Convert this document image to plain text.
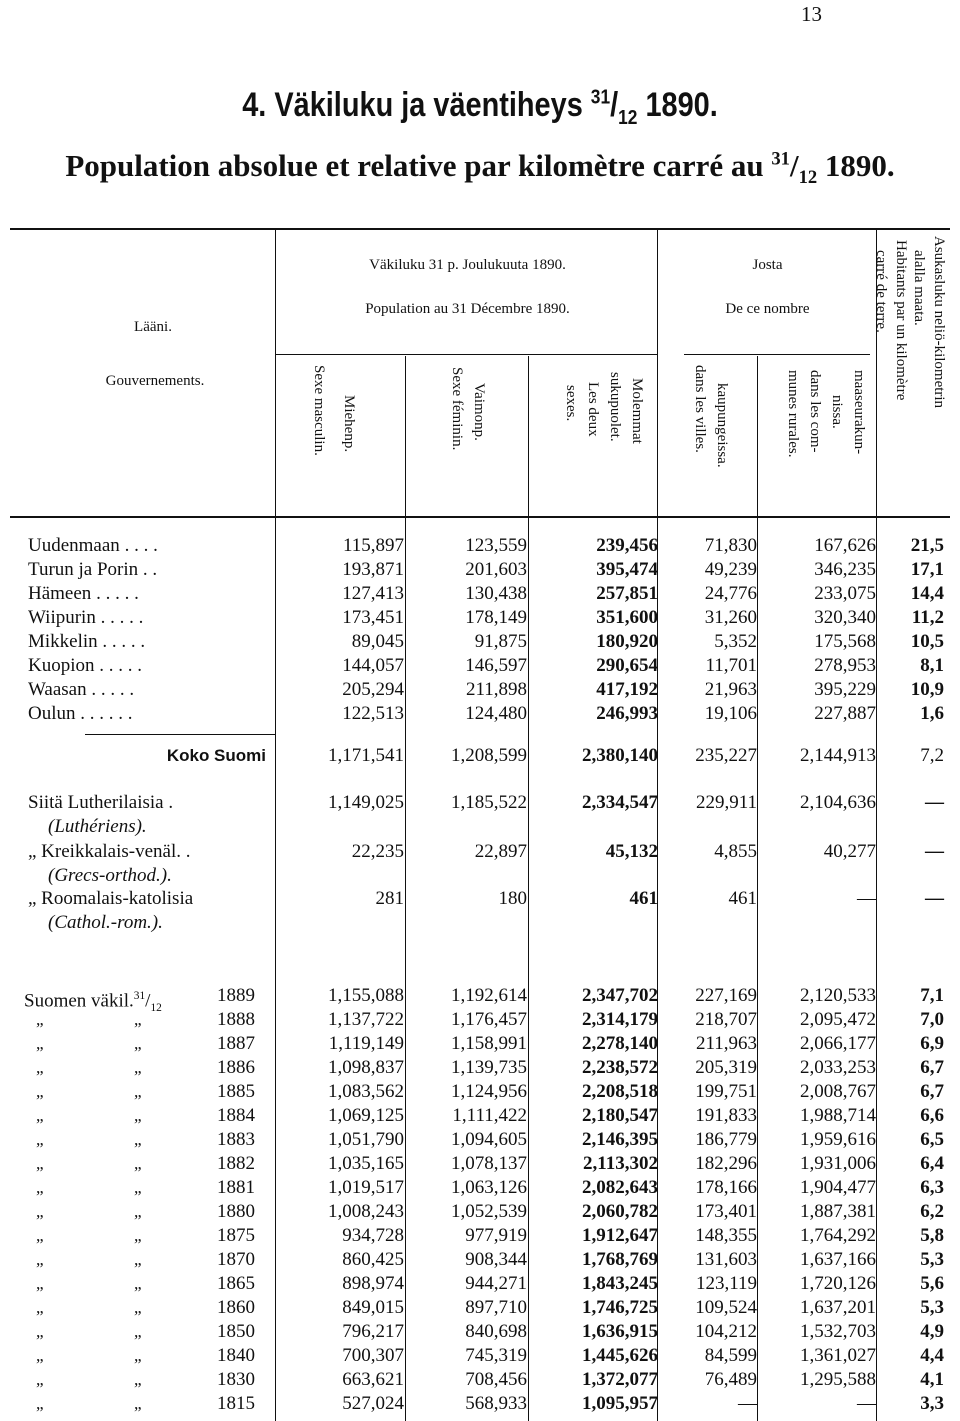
13
4. Väkiluku ja väentiheys $^{31}/_{12}$ 1890.
Population absolue et relative par kilomètre carré au $^{31}/_{12}$ 1890.
Lääni.
Gouvernements.
Väkiluku 31 p. Joulukuuta 1890.
Population au 31 Décembre 1890.
Josta
De ce nombre
Miehenp.
Sexe masculin.	Vaimonp.
Sexe féminin.	Molemmat
sukupuolet.
Les deux
sexes.	kaupungeissa.
dans les villes.	maaseurakun-
nissa.
dans les com-
munes rurales.
Asukasluku neliö-kilometrin
alalla maata.
Habitants par un kilomètre
carré de terre.
Uudenmaan . . . .	115,897	123,559	239,456 71,830	167,626 21,5
Turun ja Porin . .	193,871	201,603	395,474 49,239	346,235 17,1
Hämeen . . . . .	127,413	130,438	257,851 24,776	233,075 14,4
Wiipurin . . . . .	173,451	178,149	351,600 31,260	320,340 11,2
Mikkelin . . . . .	89,045	91,875	180,920	5,352	175,568 10,5
Kuopion . . . . .	144,057	146,597	290,654 11,701	278,953 8,1
Waasan . . . . .	205,294	211,898	417,192 21,963	395,229 10,9
Oulun . . . . . .	122,513	124,480	246,993 19,106	227,887 1,6
Koko Suomi	1,171,541 1,208,599	2,380,140 235,227 2,144,913 7,2
Siitä Lutherilaisia .	1,149,025 1,185,522	2,334,547 229,911 2,104,636	—
(Luthériens).
„ Kreikkalais-venäl. .	22,235	22,897	45,132	4,855	40,277	—
(Grecs-orthod.).
„ Roomalais-katolisia	281	180	461	461	—	—
(Cathol.-rom.).
Suomen $väkil.^{31}/_{12}$
1889	1,155,088 1,192,614	2,347,702 227,169 2,120,533 7,1
„	„	1888	1,137,722 1,176,457	2,314,179 218,707 2,095,472 7,0
„	„	1887	1,119,149 1,158,991	2,278,140 211,963 2,066,177 6,9
„	„	1886	1,098,837 1,139,735	2,238,572 205,319 2,033,253 6,7
„	„	1885	1,083,562 1,124,956	2,208,518 199,751 2,008,767 6,7
„	„	1884	1,069,125	1,111,422	2,180,547 191,833 1,988,714 6,6
„	„	1883	1,051,790 1,094,605	2,146,395 186,779 1,959,616 6,5
„	„	1882	1,035,165 1,078,137	2,113,302 182,296 1,931,006 6,4
„	„	1881	1,019,517 1,063,126	2,082,643 178,166 1,904,477 6,3
„	„	1880	1,008,243 1,052,539	2,060,782 173,401 1,887,381 6,2
„	„	1875	934,728	977,919	1,912,647 148,355 1,764,292 5,8
„	„	1870	860,425	908,344	1,768,769 131,603 1,637,166 5,3
„	„	1865	898,974	944,271	1,843,245 123,119 1,720,126 5,6
„	„	1860	849,015	897,710	1,746,725 109,524 1,637,201 5,3
„	„	1850	796,217	840,698	1,636,915 104,212 1,532,703 4,9
„	„	1840	700,307	745,319	1,445,626 84,599 1,361,027 4,4
„	„	1830	663,621	708,456	1,372,077 76,489 1,295,588 4,1
„	„	1815	527,024	568,933	1,095,957	—	— 3,3
